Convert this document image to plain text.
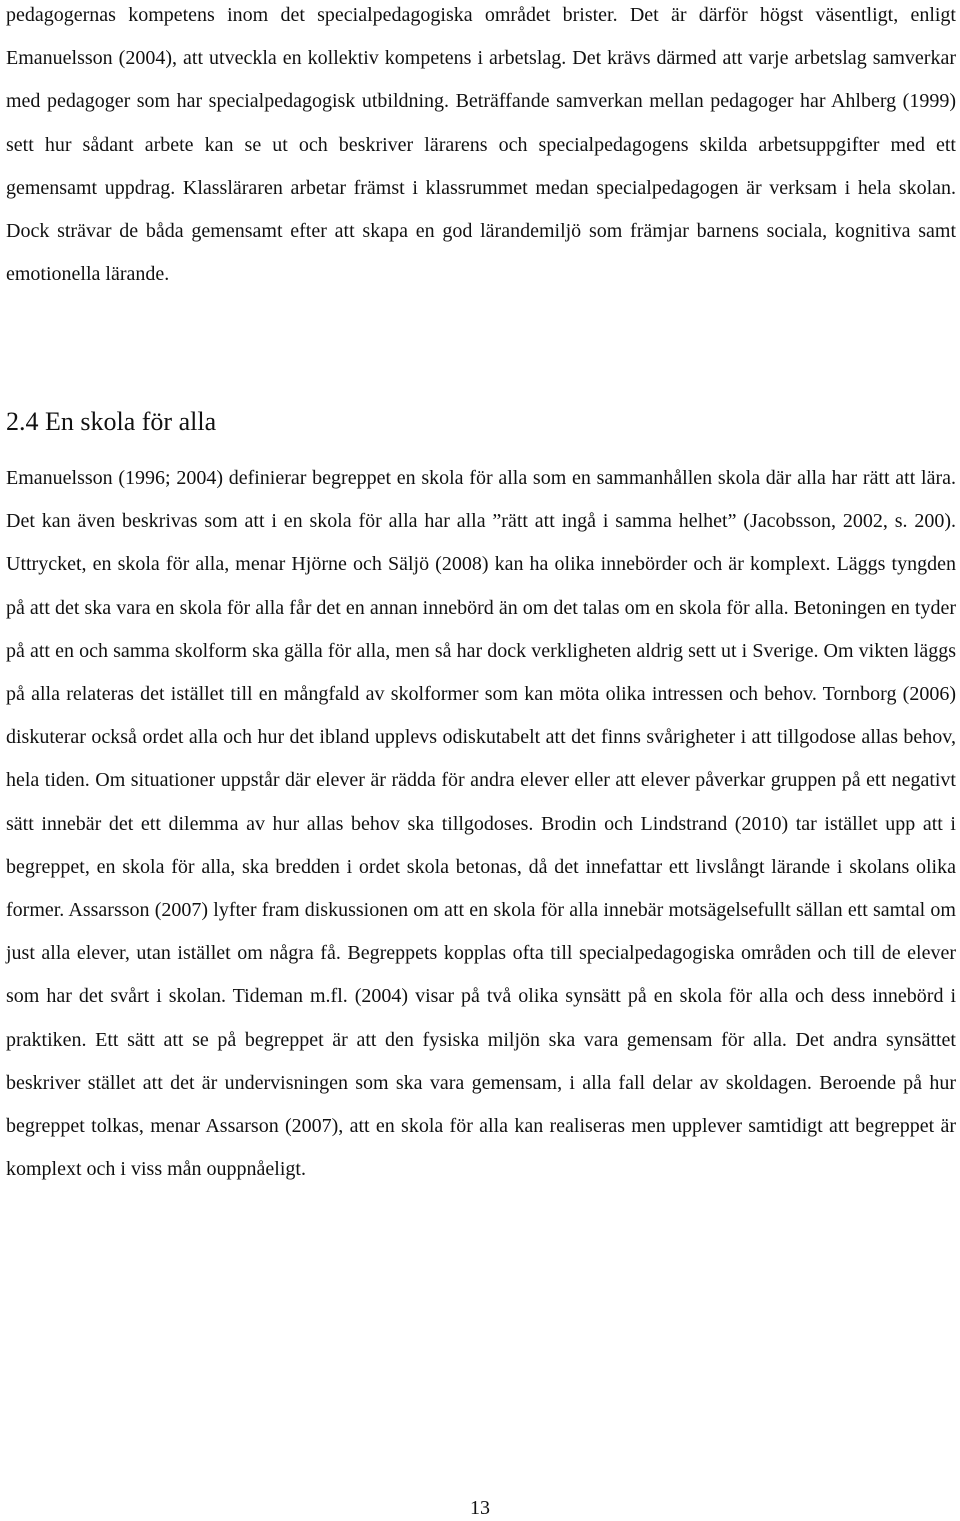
pedagogernas kompetens inom det specialpedagogiska området brister. Det är därför högst väsentligt, enligt Emanuelsson (2004), att utveckla en kollektiv kompetens i arbetslag. Det krävs därmed att varje arbetslag samverkar med pedagoger som har specialpedagogisk utbildning. Beträffande samverkan mellan pedagoger har Ahlberg (1999) sett hur sådant arbete kan se ut och beskriver lärarens och specialpedagogens skilda arbetsuppgifter med ett gemensamt uppdrag. Klassläraren arbetar främst i klassrummet medan specialpedagogen är verksam i hela skolan. Dock strävar de båda gemensamt efter att skapa en god lärandemiljö som främjar barnens sociala, kognitiva samt emotionella lärande.

2.4 En skola för alla

Emanuelsson (1996; 2004) definierar begreppet en skola för alla som en sammanhållen skola där alla har rätt att lära. Det kan även beskrivas som att i en skola för alla har alla ”rätt att ingå i samma helhet” (Jacobsson, 2002, s. 200). Uttrycket, en skola för alla, menar Hjörne och Säljö (2008) kan ha olika innebörder och är komplext. Läggs tyngden på att det ska vara en skola för alla får det en annan innebörd än om det talas om en skola för alla. Betoningen en tyder på att en och samma skolform ska gälla för alla, men så har dock verkligheten aldrig sett ut i Sverige. Om vikten läggs på alla relateras det istället till en mångfald av skolformer som kan möta olika intressen och behov. Tornborg (2006) diskuterar också ordet alla och hur det ibland upplevs odiskutabelt att det finns svårigheter i att tillgodose allas behov, hela tiden. Om situationer uppstår där elever är rädda för andra elever eller att elever påverkar gruppen på ett negativt sätt innebär det ett dilemma av hur allas behov ska tillgodoses. Brodin och Lindstrand (2010) tar istället upp att i begreppet, en skola för alla, ska bredden i ordet skola betonas, då det innefattar ett livslångt lärande i skolans olika former. Assarsson (2007) lyfter fram diskussionen om att en skola för alla innebär motsägelsefullt sällan ett samtal om just alla elever, utan istället om några få. Begreppets kopplas ofta till specialpedagogiska områden och till de elever som har det svårt i skolan. Tideman m.fl. (2004) visar på två olika synsätt på en skola för alla och dess innebörd i praktiken. Ett sätt att se på begreppet är att den fysiska miljön ska vara gemensam för alla. Det andra synsättet beskriver stället att det är undervisningen som ska vara gemensam, i alla fall delar av skoldagen. Beroende på hur begreppet tolkas, menar Assarson (2007), att en skola för alla kan realiseras men upplever samtidigt att begreppet är komplext och i viss mån ouppnåeligt.

13
